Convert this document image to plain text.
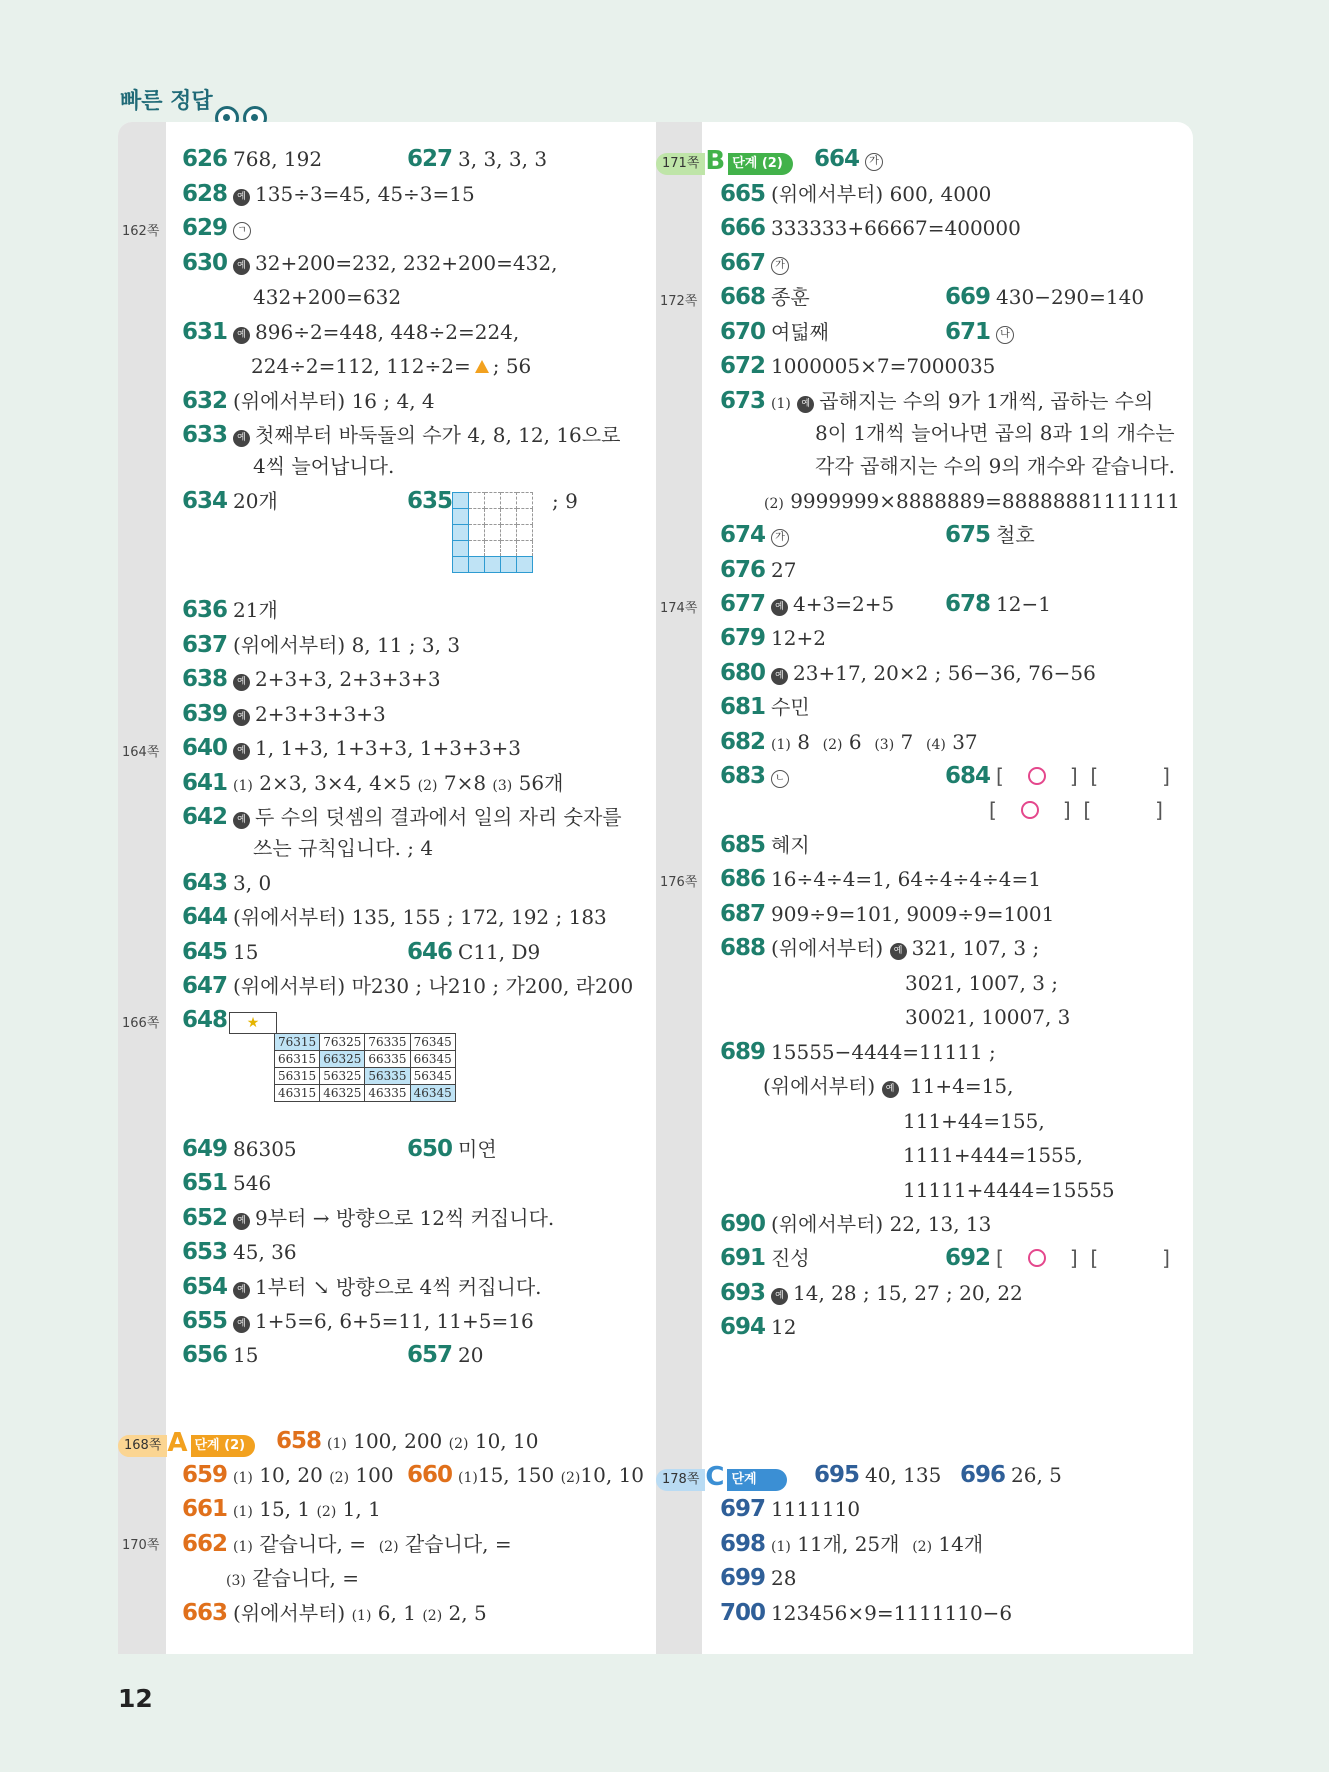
빠른 정답
162쪽
164쪽
166쪽
170쪽
172쪽
174쪽
176쪽
626 768, 192	627 3, 3, 3, 3
628 예 135÷3=45, 45÷3=15
629 ㄱ
630 예 32+200=232, 232+200=432,
432+200=632
631 예 896÷2=448, 448÷2=224,
224÷2=112, 112÷2= ; 56
632 (위에서부터) 16 ; 4, 4
633 예 첫째부터 바둑돌의 수가 4, 8, 12, 16으로
4씩 늘어납니다.
634 20개	635

					; 9
636 21개
637 (위에서부터) 8, 11 ; 3, 3
638 예 2+3+3, 2+3+3+3
639 예 2+3+3+3+3
640 예 1, 1+3, 1+3+3, 1+3+3+3
641 (1) 2×3, 3×4, 4×5 (2) 7×8 (3) 56개
642 예 두 수의 덧셈의 결과에서 일의 자리 숫자를
쓰는 규칙입니다. ; 4
643 3, 0
644 (위에서부터) 135, 155 ; 172, 192 ; 183
645 15	646 C11, D9
647 (위에서부터) 마230 ; 나210 ; 가200, 라200
648	★
76315	76325	76335	76345
66315	66325	66335	66345
56315	56325	56335	56345
46315	46325	46335	46345
649 86305	650 미연
651 546
652 예 9부터 → 방향으로 12씩 커집니다.
653 45, 36
654 예 1부터 ↘ 방향으로 4씩 커집니다.
655 예 1+5=6, 6+5=11, 11+5=16
656 15	657 20
168쪽 A 단계 (2)	658 (1) 100, 200 (2) 10, 10
659 (1) 10, 20 (2) 100 660 (1)15, 150 (2)10, 10
661 (1) 15, 1 (2) 1, 1
662 (1) 같습니다, = (2) 같습니다, =
(3) 같습니다, =
663 (위에서부터) (1) 6, 1 (2) 2, 5
171쪽 B 단계 (2)	664 가
665 (위에서부터) 600, 4000
666 333333+66667=400000
667 가
668 종훈	669 430−290=140
670 여덟째	671 나
672 1000005×7=7000035
673 (1) 예 곱해지는 수의 9가 1개씩, 곱하는 수의
8이 1개씩 늘어나면 곱의 8과 1의 개수는
각각 곱해지는 수의 9의 개수와 같습니다.
(2) 9999999×8888889=88888881111111
674 가	675 철호
676 27
677 예 4+3=2+5 678 12−1
679 12+2
680 예 23+17, 20×2 ; 56−36, 76−56
681 수민
682 (1) 8 (2) 6 (3) 7 (4) 37
683 ㄴ	684 [ ○ ] [	]
[ ○ ] [	]
685 혜지
686 16÷4÷4=1, 64÷4÷4÷4=1
687 909÷9=101, 9009÷9=1001
688 (위에서부터) 예 321, 107, 3 ;
3021, 1007, 3 ;
30021, 10007, 3
689 15555−4444=11111 ;
(위에서부터) 예 11+4=15,
111+44=155,
1111+444=1555,
11111+4444=15555
690 (위에서부터) 22, 13, 13
691 진성	692 [ ○ ] [	]
693 예 14, 28 ; 15, 27 ; 20, 22
694 12
178쪽 C 단계	695 40, 135 696 26, 5
697 1111110
698 (1) 11개, 25개 (2) 14개
699 28
700 123456×9=1111110−6
12
